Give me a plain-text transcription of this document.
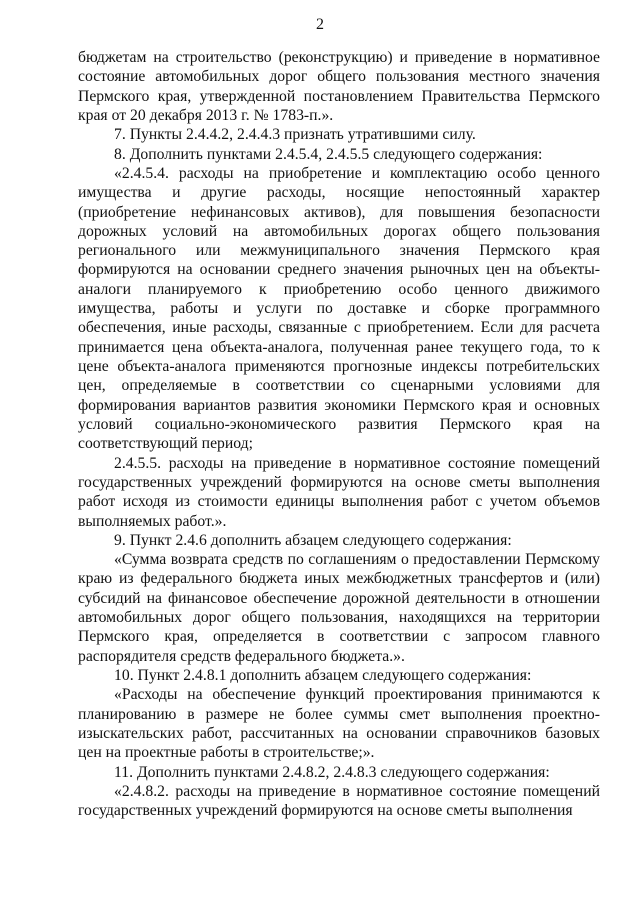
2

бюджетам на строительство (реконструкцию) и приведение в нормативное состояние автомобильных дорог общего пользования местного значения Пермского края, утвержденной постановлением Правительства Пермского края от 20 декабря 2013 г. № 1783-п.».

7. Пункты 2.4.4.2, 2.4.4.3 признать утратившими силу.

8. Дополнить пунктами 2.4.5.4, 2.4.5.5 следующего содержания:

«2.4.5.4. расходы на приобретение и комплектацию особо ценного имущества и другие расходы, носящие непостоянный характер (приобретение нефинансовых активов), для повышения безопасности дорожных условий на автомобильных дорогах общего пользования регионального или межмуниципального значения Пермского края формируются на основании среднего значения рыночных цен на объекты-аналоги планируемого к приобретению особо ценного движимого имущества, работы и услуги по доставке и сборке программного обеспечения, иные расходы, связанные с приобретением. Если для расчета принимается цена объекта-аналога, полученная ранее текущего года, то к цене объекта-аналога применяются прогнозные индексы потребительских цен, определяемые в соответствии со сценарными условиями для формирования вариантов развития экономики Пермского края и основных условий социально-экономического развития Пермского края на соответствующий период;

2.4.5.5. расходы на приведение в нормативное состояние помещений государственных учреждений формируются на основе сметы выполнения работ исходя из стоимости единицы выполнения работ с учетом объемов выполняемых работ.».

9. Пункт 2.4.6 дополнить абзацем следующего содержания:

«Сумма возврата средств по соглашениям о предоставлении Пермскому краю из федерального бюджета иных межбюджетных трансфертов и (или) субсидий на финансовое обеспечение дорожной деятельности в отношении автомобильных дорог общего пользования, находящихся на территории Пермского края, определяется в соответствии с запросом главного распорядителя средств федерального бюджета.».

10. Пункт 2.4.8.1 дополнить абзацем следующего содержания:

«Расходы на обеспечение функций проектирования принимаются к планированию в размере не более суммы смет выполнения проектно-изыскательских работ, рассчитанных на основании справочников базовых цен на проектные работы в строительстве;».

11. Дополнить пунктами 2.4.8.2, 2.4.8.3 следующего содержания:

«2.4.8.2. расходы на приведение в нормативное состояние помещений государственных учреждений формируются на основе сметы выполнения
